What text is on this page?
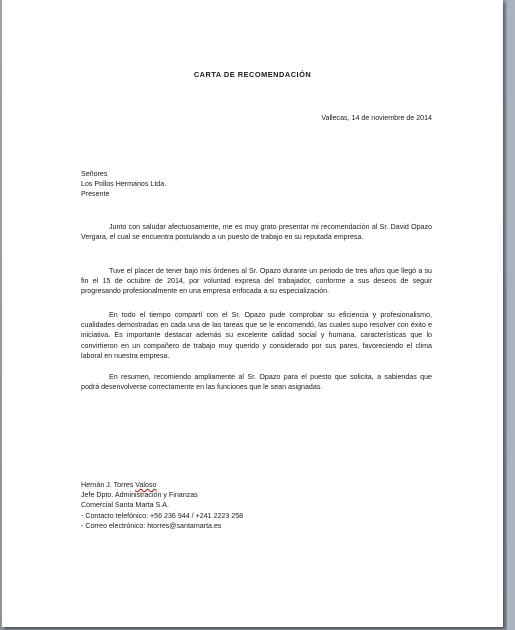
CARTA DE RECOMENDACIÓN

Vallecas, 14 de noviembre de 2014

Señores
Los Pollos Hermanos Ltda.
Presente

Junto con saludar afectuosamente, me es muy grato presentar mi recomendación al Sr. David Opazo Vergara, el cual se encuentra postulando a un puesto de trabajo en su reputada empresa.

Tuve el placer de tener bajo mis órdenes al Sr. Opazo durante un periodo de tres años que llegó a su fin el 15 de octubre de 2014, por voluntad expresa del trabajador, conforme a sus deseos de seguir progresando profesionalmente en una empresa enfocada a su especialización.

En todo el tiempo compartí con el Sr. Opazo pude comprobar su eficiencia y profesionalismo, cualidades demostradas en cada una de las tareas que se le encomendó, las cuales supo resolver con éxito e iniciativa. Es importante destacar además su excelente calidad social y humana, características que lo convirtieron en un compañero de trabajo muy querido y considerado por sus pares, favoreciendo el clima laboral en nuestra empresa.

En resumen, recomiendo ampliamente al Sr. Opazo para el puesto que solicita, a sabiendas que podrá desenvolverse correctamente en las funciones que le sean asignadas.

Hernán J. Torres Valoso
Jefe Dpto. Administración y Finanzas
Comercial Santa Marta S.A.
- Contacto telefónico: +56 236 944 / +241 2223 258
- Correo electrónico: htorres@santamarta.es
